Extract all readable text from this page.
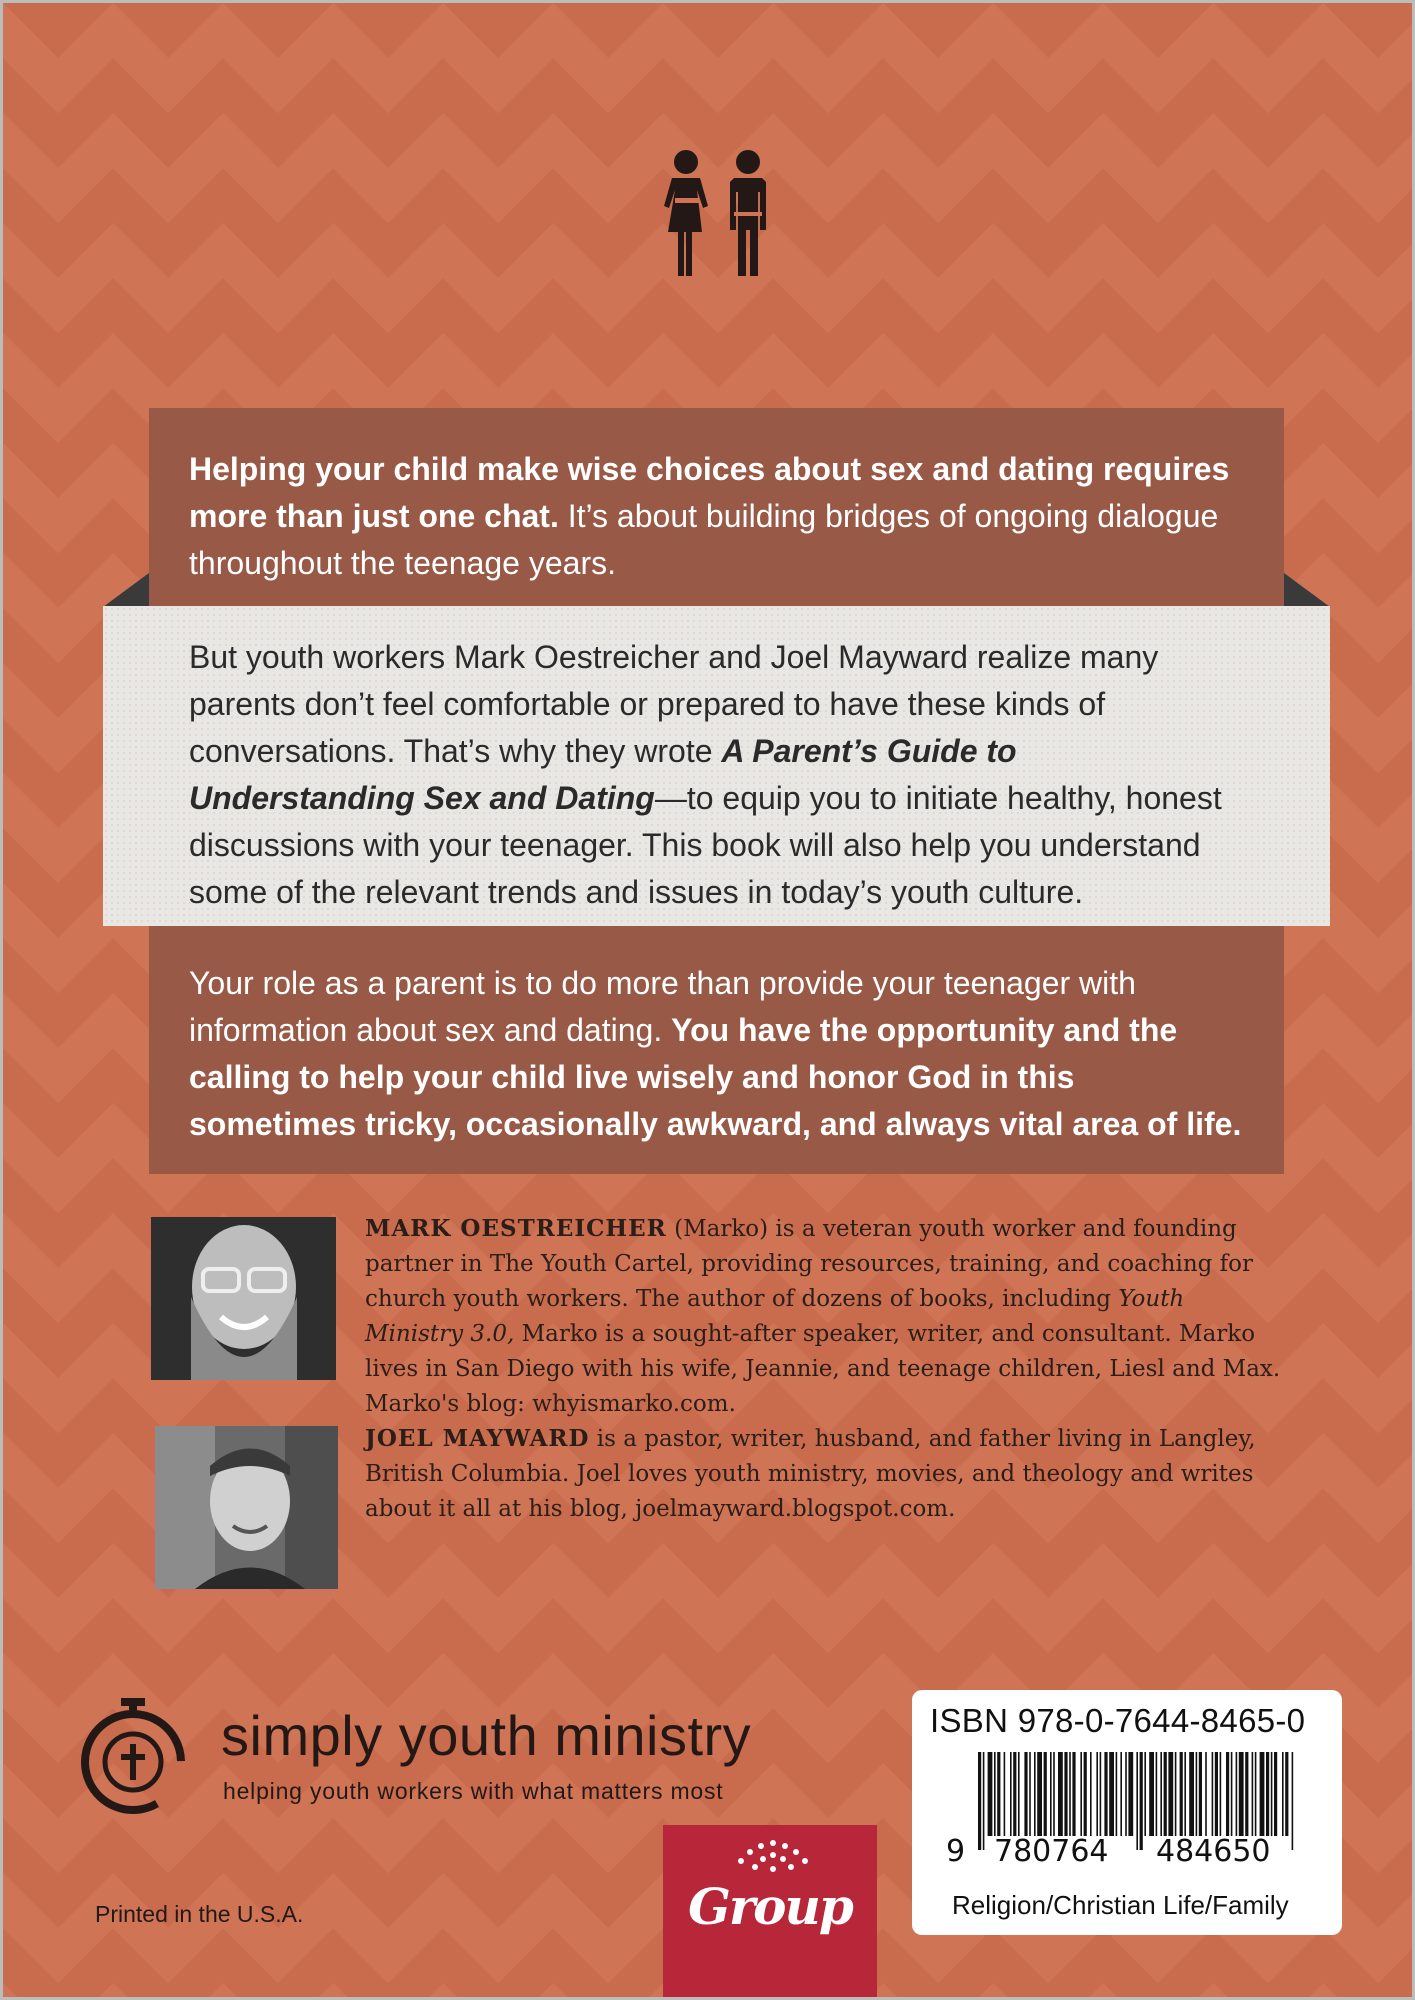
Helping your child make wise choices about sex and dating requires more than just one chat. It’s about building bridges of ongoing dialogue throughout the teenage years.

But youth workers Mark Oestreicher and Joel Mayward realize many parents don’t feel comfortable or prepared to have these kinds of conversations. That’s why they wrote A Parent’s Guide to Understanding Sex and Dating—to equip you to initiate healthy, honest discussions with your teenager. This book will also help you understand some of the relevant trends and issues in today’s youth culture.

Your role as a parent is to do more than provide your teenager with information about sex and dating. You have the opportunity and the calling to help your child live wisely and honor God in this sometimes tricky, occasionally awkward, and always vital area of life.

MARK OESTREICHER (Marko) is a veteran youth worker and founding partner in The Youth Cartel, providing resources, training, and coaching for church youth workers. The author of dozens of books, including Youth Ministry 3.0, Marko is a sought-after speaker, writer, and consultant. Marko lives in San Diego with his wife, Jeannie, and teenage children, Liesl and Max. Marko's blog: whyismarko.com.
JOEL MAYWARD is a pastor, writer, husband, and father living in Langley, British Columbia. Joel loves youth ministry, movies, and theology and writes about it all at his blog, joelmayward.blogspot.com.
simply youth ministry
helping youth workers with what matters most
Printed in the U.S.A.	Group
ISBN 978-0-7644-8465-0
9 780764 484650
Religion/Christian Life/Family
